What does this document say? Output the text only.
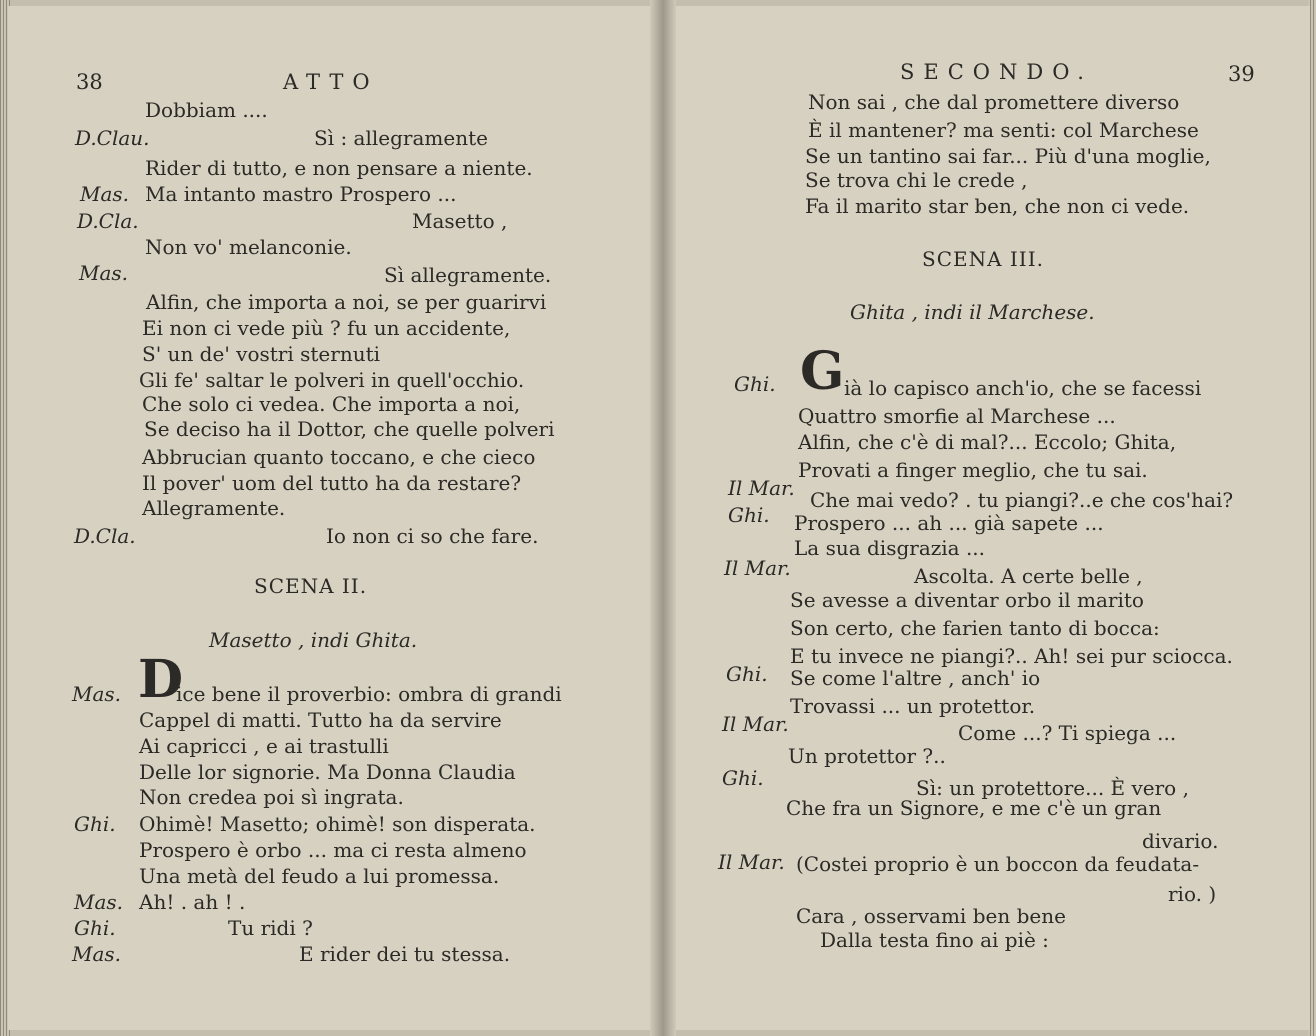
38	ATTO
Dobbiam ....
D.Clau.	Sì : allegramente
Rider di tutto, e non pensare a niente.
Mas. Ma intanto mastro Prospero ...
D.Cla.	Masetto ,
Non vo' melanconie.
Mas.	Sì allegramente.
Alfin, che importa a noi, se per guarirvi
Ei non ci vede più ? fu un accidente,
S' un de' vostri sternuti
Gli fe' saltar le polveri in quell'occhio.
Che solo ci vedea. Che importa a noi,
Se deciso ha il Dottor, che quelle polveri
Abbrucian quanto toccano, e che cieco
Il pover' uom del tutto ha da restare?
Allegramente.
D.Cla.	Io non ci so che fare.
SCENA II.
Masetto , indi Ghita.
Mas. D
ice bene il proverbio: ombra di grandi
Cappel di matti. Tutto ha da servire
Ai capricci , e ai trastulli
Delle lor signorie. Ma Donna Claudia
Non credea poi sì ingrata.
Ghi. Ohimè! Masetto; ohimè! son disperata.
Prospero è orbo ... ma ci resta almeno
Una metà del feudo a lui promessa.
Mas. Ah! . ah ! .
Ghi.	Tu ridi ?
Mas.	E rider dei tu stessa.
SECONDO.	39
Non sai , che dal promettere diverso
È il mantener? ma senti: col Marchese
Se un tantino sai far... Più d'una moglie,
Se trova chi le crede ,
Fa il marito star ben, che non ci vede.
SCENA III.
Ghita , indi il Marchese.
Ghi. G ià lo capisco anch'io, che se facessi
Quattro smorfie al Marchese ...
Alfin, che c'è di mal?... Eccolo; Ghita,
Provati a finger meglio, che tu sai.
Il Mar. Che mai vedo? . tu piangi?..e che cos'hai?
Ghi. Prospero ... ah ... già sapete ...
La sua disgrazia ...
Il Mar.	Ascolta. A certe belle ,
Se avesse a diventar orbo il marito
Son certo, che farien tanto di bocca:
E tu invece ne piangi?.. Ah! sei pur sciocca.
Ghi. Se come l'altre , anch' io
Trovassi ... un protettor.
Il Mar.	Come ...? Ti spiega ...
Un protettor ?..
Ghi.	Sì: un protettore... È vero ,
Che fra un Signore, e me c'è un gran
divario.
Il Mar. (Costei proprio è un boccon da feudata-
rio. )
Cara , osservami ben bene
Dalla testa fino ai piè :
